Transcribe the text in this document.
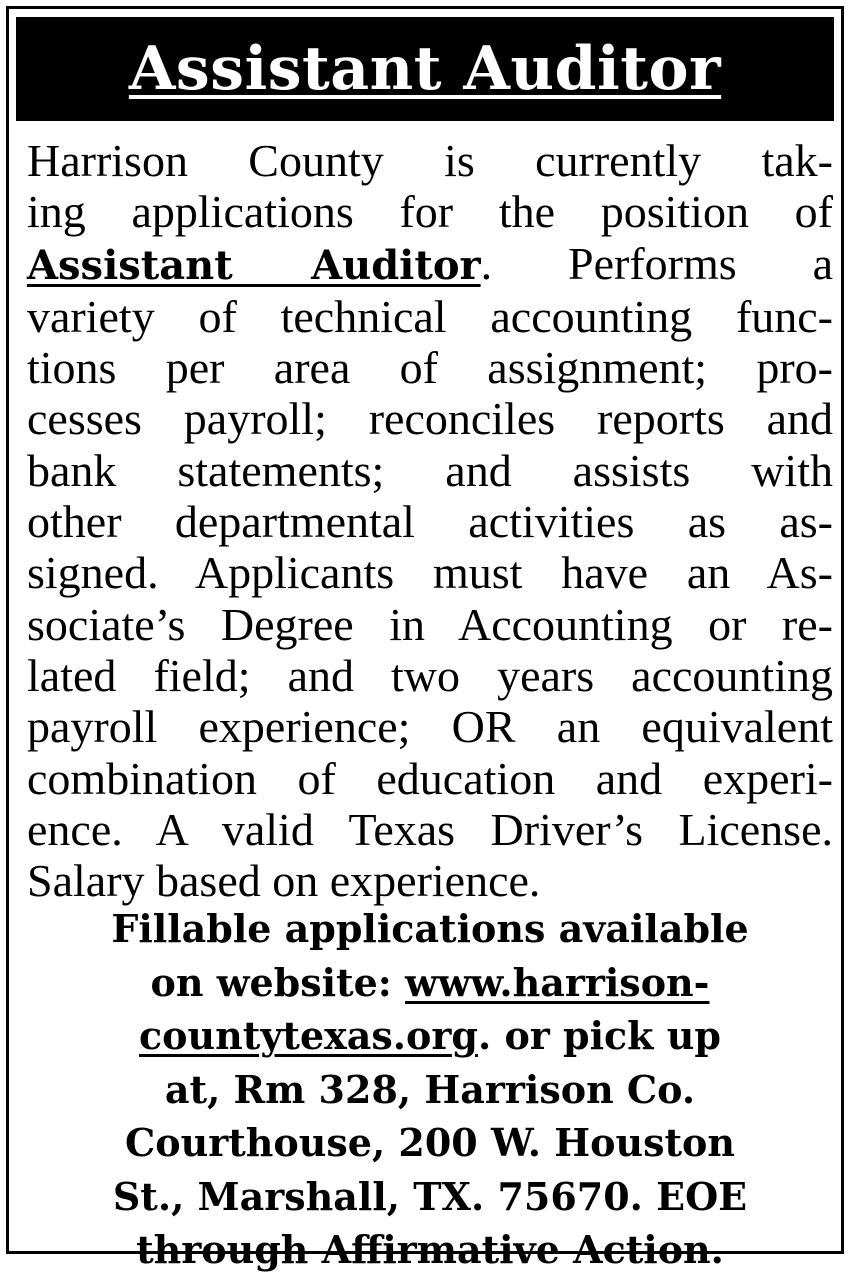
Assistant Auditor
Harrison County is currently tak-
ing applications for the position of
Assistant Auditor. Performs a
variety of technical accounting func-
tions per area of assignment; pro-
cesses payroll; reconciles reports and
bank statements; and assists with
other departmental activities as as-
signed. Applicants must have an As-
sociate’s Degree in Accounting or re-
lated field; and two years accounting
payroll experience; OR an equivalent
combination of education and experi-
ence. A valid Texas Driver’s License.
Salary based on experience.
Fillable applications available
on website: www.harrison-
countytexas.org. or pick up
at, Rm 328, Harrison Co.
Courthouse, 200 W. Houston
St., Marshall, TX. 75670. EOE
through Affirmative Action.
